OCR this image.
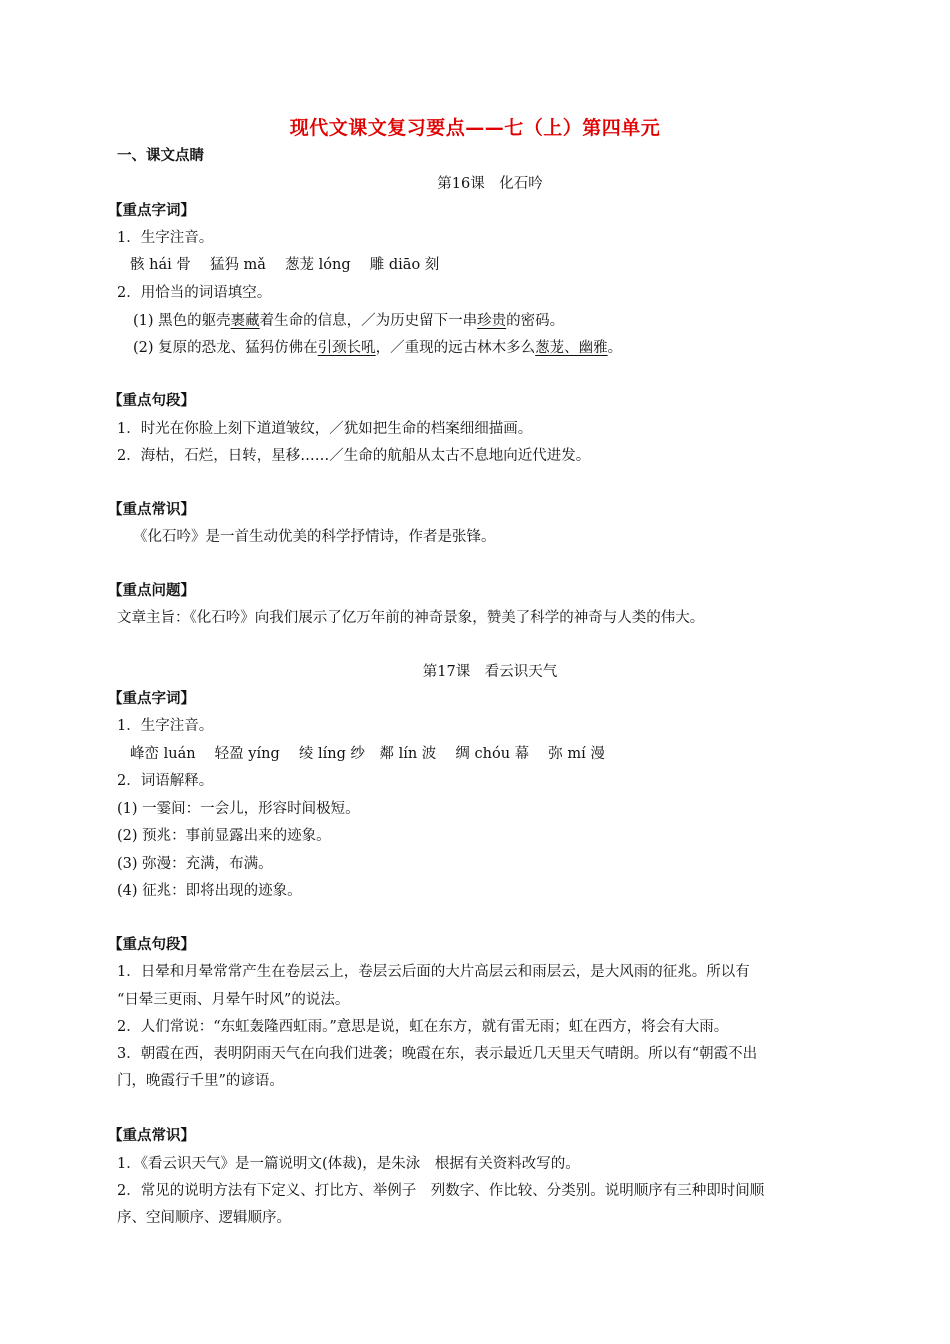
现代文课文复习要点——七（上）第四单元
一、课文点睛
第16课　化石吟
【重点字词】
1．生字注音。
骸 hái 骨　 猛犸 mǎ　 葱茏 lóng　 雕 diāo 刻
2．用恰当的词语填空。
(1) 黑色的躯壳裹藏着生命的信息，／为历史留下一串珍贵的密码。
(2) 复原的恐龙、猛犸仿佛在引颈长吼，／重现的远古林木多么葱茏、幽雅。
【重点句段】
1．时光在你脸上刻下道道皱纹，／犹如把生命的档案细细描画。
2．海枯，石烂，日转，星移……／生命的航船从太古不息地向近代进发。
【重点常识】
《化石吟》是一首生动优美的科学抒情诗，作者是张锋。
【重点问题】
文章主旨：《化石吟》向我们展示了亿万年前的神奇景象，赞美了科学的神奇与人类的伟大。
第17课　看云识天气
【重点字词】
1．生字注音。
峰峦 luán　 轻盈 yíng　 绫 líng 纱　鄰 lín 波　 绸 chóu 幕　 弥 mí 漫
2．词语解释。
(1) 一霎间：一会儿，形容时间极短。
(2) 预兆：事前显露出来的迹象。
(3) 弥漫：充满，布满。
(4) 征兆：即将出现的迹象。
【重点句段】
1．日晕和月晕常常产生在卷层云上，卷层云后面的大片高层云和雨层云，是大风雨的征兆。所以有
“日晕三更雨、月晕午时风”的说法。
2．人们常说：“东虹轰隆西虹雨。”意思是说，虹在东方，就有雷无雨；虹在西方，将会有大雨。
3．朝霞在西，表明阴雨天气在向我们进袭；晚霞在东，表示最近几天里天气晴朗。所以有“朝霞不出
门，晚霞行千里”的谚语。
【重点常识】
1．《看云识天气》是一篇说明文(体裁)，是朱泳　根据有关资料改写的。
2．常见的说明方法有下定义、打比方、举例子　列数字、作比较、分类别。说明顺序有三种即时间顺
序、空间顺序、逻辑顺序。
